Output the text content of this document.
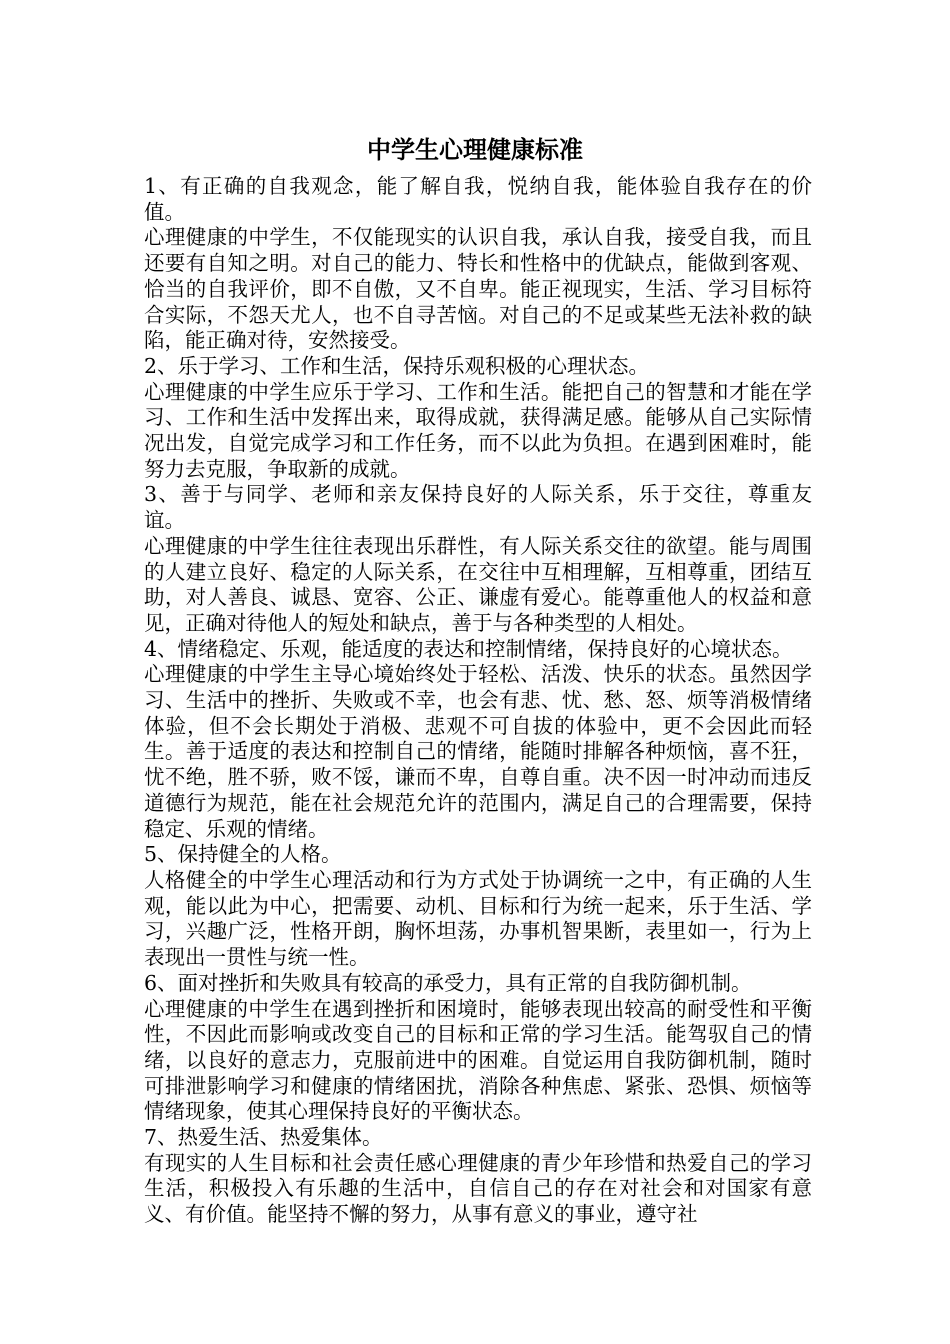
中学生心理健康标准

1、有正确的自我观念，能了解自我，悦纳自我，能体验自我存在的价值。

心理健康的中学生，不仅能现实的认识自我，承认自我，接受自我，而且还要有自知之明。对自己的能力、特长和性格中的优缺点，能做到客观、恰当的自我评价，即不自傲，又不自卑。能正视现实，生活、学习目标符合实际，不怨天尤人，也不自寻苦恼。对自己的不足或某些无法补救的缺陷，能正确对待，安然接受。

2、乐于学习、工作和生活，保持乐观积极的心理状态。

心理健康的中学生应乐于学习、工作和生活。能把自己的智慧和才能在学习、工作和生活中发挥出来，取得成就，获得满足感。能够从自己实际情况出发，自觉完成学习和工作任务，而不以此为负担。在遇到困难时，能努力去克服，争取新的成就。

3、善于与同学、老师和亲友保持良好的人际关系，乐于交往，尊重友谊。

心理健康的中学生往往表现出乐群性，有人际关系交往的欲望。能与周围的人建立良好、稳定的人际关系，在交往中互相理解，互相尊重，团结互助，对人善良、诚恳、宽容、公正、谦虚有爱心。能尊重他人的权益和意见，正确对待他人的短处和缺点，善于与各种类型的人相处。

4、情绪稳定、乐观，能适度的表达和控制情绪，保持良好的心境状态。

心理健康的中学生主导心境始终处于轻松、活泼、快乐的状态。虽然因学习、生活中的挫折、失败或不幸，也会有悲、忧、愁、怒、烦等消极情绪体验，但不会长期处于消极、悲观不可自拔的体验中，更不会因此而轻生。善于适度的表达和控制自己的情绪，能随时排解各种烦恼，喜不狂，忧不绝，胜不骄，败不馁，谦而不卑，自尊自重。决不因一时冲动而违反道德行为规范，能在社会规范允许的范围内，满足自己的合理需要，保持稳定、乐观的情绪。

5、保持健全的人格。

人格健全的中学生心理活动和行为方式处于协调统一之中，有正确的人生观，能以此为中心，把需要、动机、目标和行为统一起来，乐于生活、学习，兴趣广泛，性格开朗，胸怀坦荡，办事机智果断，表里如一，行为上表现出一贯性与统一性。

6、面对挫折和失败具有较高的承受力，具有正常的自我防御机制。

心理健康的中学生在遇到挫折和困境时，能够表现出较高的耐受性和平衡性，不因此而影响或改变自己的目标和正常的学习生活。能驾驭自己的情绪，以良好的意志力，克服前进中的困难。自觉运用自我防御机制，随时可排泄影响学习和健康的情绪困扰，消除各种焦虑、紧张、恐惧、烦恼等情绪现象，使其心理保持良好的平衡状态。

7、热爱生活、热爱集体。

有现实的人生目标和社会责任感心理健康的青少年珍惜和热爱自己的学习生活，积极投入有乐趣的生活中，自信自己的存在对社会和对国家有意义、有价值。能坚持不懈的努力，从事有意义的事业，遵守社
